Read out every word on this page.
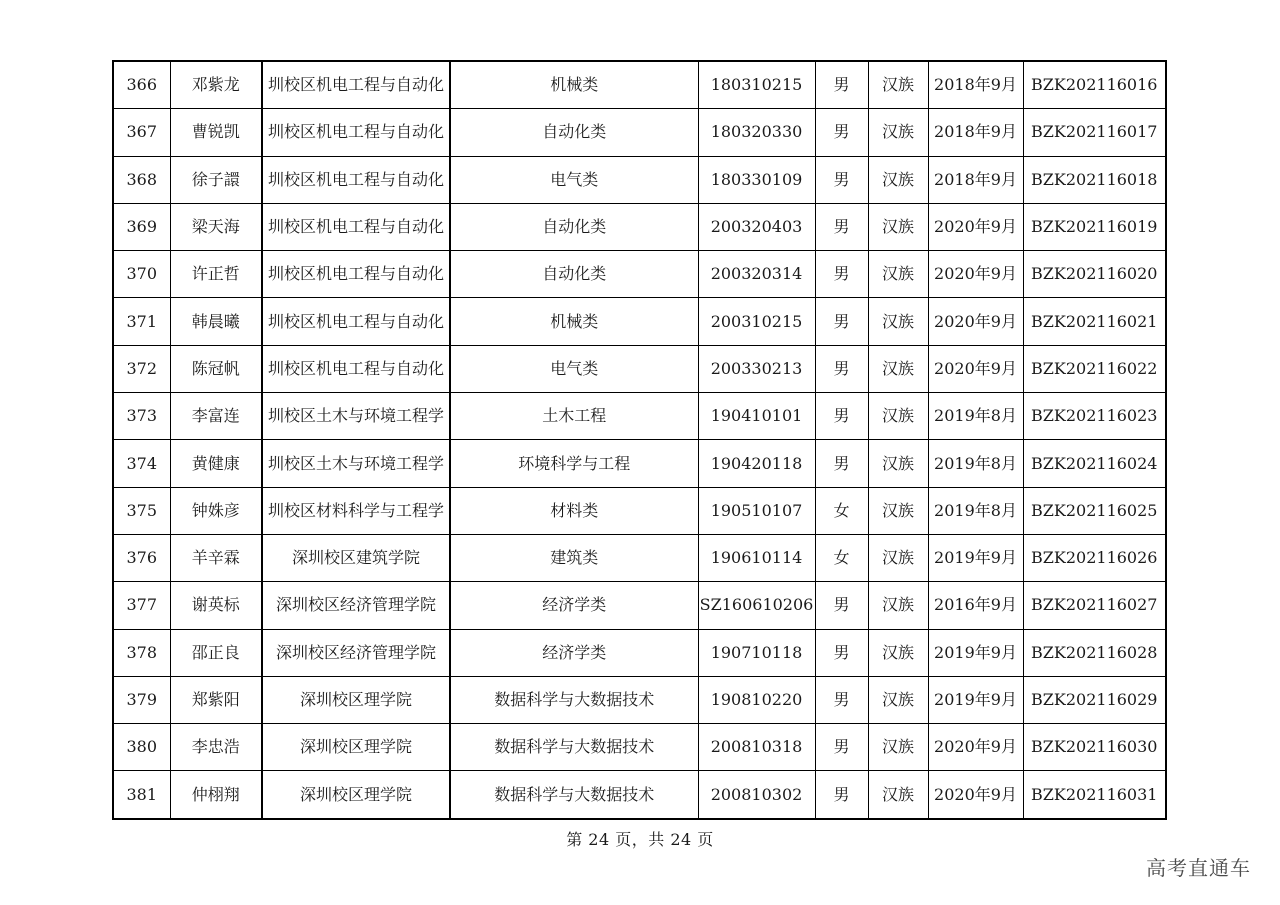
366	邓紫龙	圳校区机电工程与自动化	机械类	180310215	男	汉族	2018年9月	BZK202116016
367	曹锐凯	圳校区机电工程与自动化	自动化类	180320330	男	汉族	2018年9月	BZK202116017
368	徐子譞	圳校区机电工程与自动化	电气类	180330109	男	汉族	2018年9月	BZK202116018
369	梁天海	圳校区机电工程与自动化	自动化类	200320403	男	汉族	2020年9月	BZK202116019
370	许正哲	圳校区机电工程与自动化	自动化类	200320314	男	汉族	2020年9月	BZK202116020
371	韩晨曦	圳校区机电工程与自动化	机械类	200310215	男	汉族	2020年9月	BZK202116021
372	陈冠帆	圳校区机电工程与自动化	电气类	200330213	男	汉族	2020年9月	BZK202116022
373	李富连	圳校区土木与环境工程学	土木工程	190410101	男	汉族	2019年8月	BZK202116023
374	黄健康	圳校区土木与环境工程学	环境科学与工程	190420118	男	汉族	2019年8月	BZK202116024
375	钟姝彦	圳校区材料科学与工程学	材料类	190510107	女	汉族	2019年8月	BZK202116025
376	羊辛霖	深圳校区建筑学院	建筑类	190610114	女	汉族	2019年9月	BZK202116026
377	谢英标	深圳校区经济管理学院	经济学类	SZ160610206	男	汉族	2016年9月	BZK202116027
378	邵正良	深圳校区经济管理学院	经济学类	190710118	男	汉族	2019年9月	BZK202116028
379	郑紫阳	深圳校区理学院	数据科学与大数据技术	190810220	男	汉族	2019年9月	BZK202116029
380	李忠浩	深圳校区理学院	数据科学与大数据技术	200810318	男	汉族	2020年9月	BZK202116030
381	仲栩翔	深圳校区理学院	数据科学与大数据技术	200810302	男	汉族	2020年9月	BZK202116031
第 24 页，共 24 页
高考直通车
